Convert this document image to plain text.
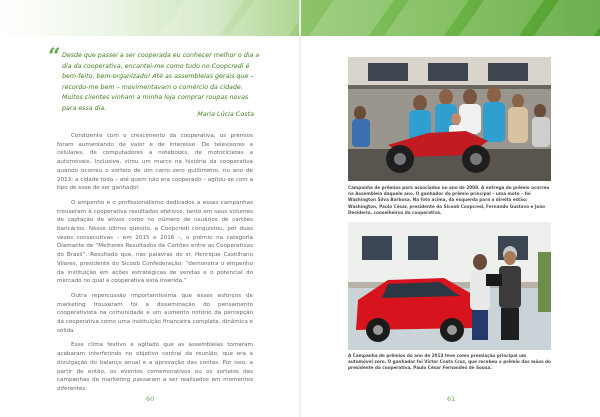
“ Desde que passei a ser cooperada eu conhecer melhor o dia a dia da cooperativa, encantei-me como tudo no Coopcredi é bem-feito, bem-organizado! Até as assembleias gerais que – recordo-me bem – movimentavam o comércio da cidade. Muitos clientes vinham a minha loja comprar roupas novas para essa dia.
Maria Lúcia Costa

Condizente com o crescimento da cooperativa, os prêmios foram aumentando de valor e de interesse. De televisores a celulares, de computadores a notebooks, de motocicletas a automóveis. Inclusive, virou um marco na história da cooperativa quando ocorreu o sorteio de um carro zero quilômetro, no ano de 2013: a cidade toda – até quem não era cooperado – agitou-se com a tipo de esse de ser ganhador.

O empenho e o profissionalismo dedicados a essas campanhas trouxeram à cooperativa resultados efetivos, tanto em seus volumes de captação de ativos como no número de usuários de cartões bancários. Nesse último quesito, a Coopcredi conquistou, por duas vezes consecutivas – em 2015 e 2016 –, o prêmio na categoria Diamante de “Melhores Resultados de Cartões entre as Cooperativas do Brasil”. Resultado que, nas palavras do sr. Henrique Castilhano Vilares, presidente do Sicoob Confederação: “demonstra o empenho da instituição em ações estratégicas de vendas e o potencial do mercado no qual a cooperativa está inserida.”

Outra repercussão importantíssima que esses esforços de marketing trouxeram foi a disseminação do pensamento cooperativista na comunidade e um aumento notório da percepção da cooperativa como uma instituição financeira completa, dinâmica e sólida.

Esse clima festivo e agitado que as assembleias tomaram acabaram interferindo no objetivo central da reunião, que era a divulgação do balanço anual e a aprovação das contas. Por isso, a partir de então, os eventos comemorativos ou os sorteios das campanhas de marketing passaram a ser realizados em momentos diferentes.

60
Campanha de prêmios para associados no ano de 2008. A entrega do prêmio ocorreu na Assembleia daquele ano. O ganhador do prêmio principal – uma moto – foi Washington Silva Barbosa. Na foto acima, da esquerda para a direita estão: Washington, Paulo César, presidente do Sicoob Coopcred, Fernando Gustavo e João Desiderio, conselheiros da cooperativa.
A Campanha de prêmios do ano de 2013 teve como premiação principal um automóvel zero. O ganhador foi Victor Costa Cruz, que recebeu o prêmio das mãos do presidente da cooperativa, Paulo César Fernandes de Sousa.
61
